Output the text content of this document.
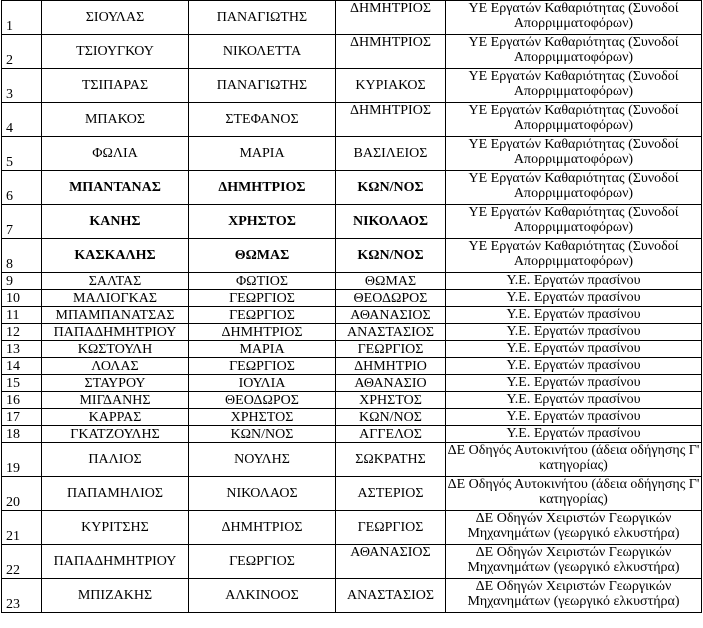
1	ΣΙΟΥΛΑΣ	ΠΑΝΑΓΙΩΤΗΣ	ΔΗΜΗΤΡΙΟΣ	ΥΕ Εργατών Καθαριότητας (Συνοδοί Απορριμματοφόρων)
2	ΤΣΙΟΥΓΚΟΥ	ΝΙΚΟΛΕΤΤΑ	ΔΗΜΗΤΡΙΟΣ	ΥΕ Εργατών Καθαριότητας (Συνοδοί Απορριμματοφόρων)
3	ΤΣΙΠΑΡΑΣ	ΠΑΝΑΓΙΩΤΗΣ	ΚΥΡΙΑΚΟΣ	ΥΕ Εργατών Καθαριότητας (Συνοδοί Απορριμματοφόρων)
4	ΜΠΑΚΟΣ	ΣΤΕΦΑΝΟΣ	ΔΗΜΗΤΡΙΟΣ	ΥΕ Εργατών Καθαριότητας (Συνοδοί Απορριμματοφόρων)
5	ΦΩΛΙΑ	ΜΑΡΙΑ	ΒΑΣΙΛΕΙΟΣ	ΥΕ Εργατών Καθαριότητας (Συνοδοί Απορριμματοφόρων)
6	ΜΠΑΝΤΑΝΑΣ	ΔΗΜΗΤΡΙΟΣ	ΚΩΝ/ΝΟΣ	ΥΕ Εργατών Καθαριότητας (Συνοδοί Απορριμματοφόρων)
7	ΚΑΝΗΣ	ΧΡΗΣΤΟΣ	ΝΙΚΟΛΑΟΣ	ΥΕ Εργατών Καθαριότητας (Συνοδοί Απορριμματοφόρων)
8	ΚΑΣΚΑΛΗΣ	ΘΩΜΑΣ	ΚΩΝ/ΝΟΣ	ΥΕ Εργατών Καθαριότητας (Συνοδοί Απορριμματοφόρων)
9	ΣΑΛΤΑΣ	ΦΩΤΙΟΣ	ΘΩΜΑΣ	Υ.Ε. Εργατών πρασίνου
10	ΜΑΛΙΟΓΚΑΣ	ΓΕΩΡΓΙΟΣ	ΘΕΟΔΩΡΟΣ	Υ.Ε. Εργατών πρασίνου
11	ΜΠΑΜΠΑΝΑΤΣΑΣ	ΓΕΩΡΓΙΟΣ	ΑΘΑΝΑΣΙΟΣ	Υ.Ε. Εργατών πρασίνου
12	ΠΑΠΑΔΗΜΗΤΡΙΟΥ	ΔΗΜΗΤΡΙΟΣ	ΑΝΑΣΤΑΣΙΟΣ	Υ.Ε. Εργατών πρασίνου
13	ΚΩΣΤΟΥΛΗ	ΜΑΡΙΑ	ΓΕΩΡΓΙΟΣ	Υ.Ε. Εργατών πρασίνου
14	ΛΟΛΑΣ	ΓΕΩΡΓΙΟΣ	ΔΗΜΗΤΡΙΟ	Υ.Ε. Εργατών πρασίνου
15	ΣΤΑΥΡΟΥ	ΙΟΥΛΙΑ	ΑΘΑΝΑΣΙΟ	Υ.Ε. Εργατών πρασίνου
16	ΜΙΓΔΑΝΗΣ	ΘΕΟΔΩΡΟΣ	ΧΡΗΣΤΟΣ	Υ.Ε. Εργατών πρασίνου
17	ΚΑΡΡΑΣ	ΧΡΗΣΤΟΣ	ΚΩΝ/ΝΟΣ	Υ.Ε. Εργατών πρασίνου
18	ΓΚΑΤΖΟΥΛΗΣ	ΚΩΝ/ΝΟΣ	ΑΓΓΕΛΟΣ	Υ.Ε. Εργατών πρασίνου
19	ΠΑΛΙΟΣ	ΝΟΥΛΗΣ	ΣΩΚΡΑΤΗΣ	ΔΕ Οδηγός Αυτοκινήτου (άδεια οδήγησης Γ' κατηγορίας)
20	ΠΑΠΑΜΗΛΙΟΣ	ΝΙΚΟΛΑΟΣ	ΑΣΤΕΡΙΟΣ	ΔΕ Οδηγός Αυτοκινήτου (άδεια οδήγησης Γ' κατηγορίας)
21	ΚΥΡΙΤΣΗΣ	ΔΗΜΗΤΡΙΟΣ	ΓΕΩΡΓΙΟΣ	ΔΕ Οδηγών Χειριστών Γεωργικών Μηχανημάτων (γεωργικό ελκυστήρα)
22	ΠΑΠΑΔΗΜΗΤΡΙΟΥ	ΓΕΩΡΓΙΟΣ	ΑΘΑΝΑΣΙΟΣ	ΔΕ Οδηγών Χειριστών Γεωργικών Μηχανημάτων (γεωργικό ελκυστήρα)
23	ΜΠΙΖΑΚΗΣ	ΑΛΚΙΝΟΟΣ	ΑΝΑΣΤΑΣΙΟΣ	ΔΕ Οδηγών Χειριστών Γεωργικών Μηχανημάτων (γεωργικό ελκυστήρα)
